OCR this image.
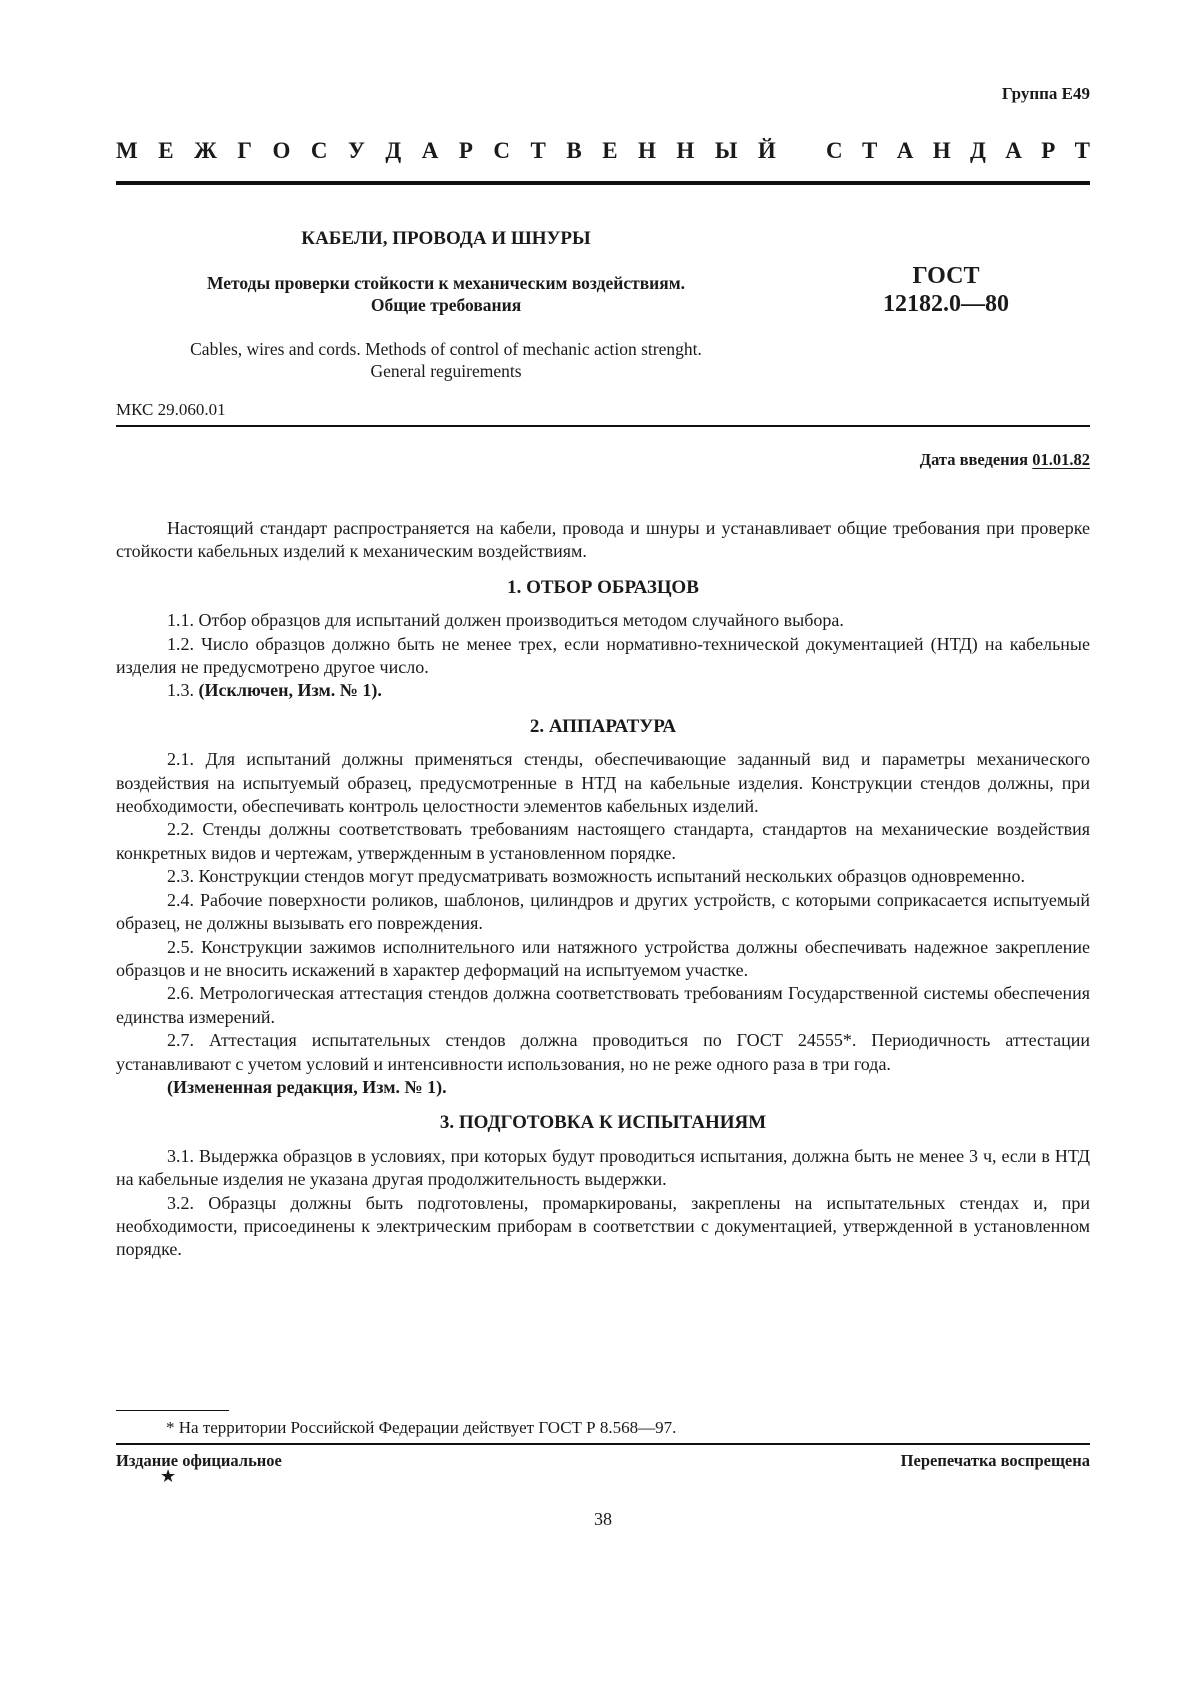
Группа Е49
М Е Ж Г О С У Д А Р С Т В Е Н Н Ы Й С Т А Н Д А Р Т
КАБЕЛИ, ПРОВОДА И ШНУРЫ
Методы проверки стойкости к механическим воздействиям.
Общие требования
ГОСТ
12182.0—80
Cables, wires and cords. Methods of control of mechanic action strenght.
General reguirements
МКС 29.060.01
Дата введения 01.01.82

Настоящий стандарт распространяется на кабели, провода и шнуры и устанавливает общие требования при проверке стойкости кабельных изделий к механическим воздействиям.

1. ОТБОР ОБРАЗЦОВ

1.1. Отбор образцов для испытаний должен производиться методом случайного выбора.

1.2. Число образцов должно быть не менее трех, если нормативно-технической документацией (НТД) на кабельные изделия не предусмотрено другое число.

1.3. (Исключен, Изм. № 1).

2. АППАРАТУРА

2.1. Для испытаний должны применяться стенды, обеспечивающие заданный вид и параметры механического воздействия на испытуемый образец, предусмотренные в НТД на кабельные изделия. Конструкции стендов должны, при необходимости, обеспечивать контроль целостности элементов кабельных изделий.

2.2. Стенды должны соответствовать требованиям настоящего стандарта, стандартов на механические воздействия конкретных видов и чертежам, утвержденным в установленном порядке.

2.3. Конструкции стендов могут предусматривать возможность испытаний нескольких образцов одновременно.

2.4. Рабочие поверхности роликов, шаблонов, цилиндров и других устройств, с которыми соприкасается испытуемый образец, не должны вызывать его повреждения.

2.5. Конструкции зажимов исполнительного или натяжного устройства должны обеспечивать надежное закрепление образцов и не вносить искажений в характер деформаций на испытуемом участке.

2.6. Метрологическая аттестация стендов должна соответствовать требованиям Государственной системы обеспечения единства измерений.

2.7. Аттестация испытательных стендов должна проводиться по ГОСТ 24555*. Периодичность аттестации устанавливают с учетом условий и интенсивности использования, но не реже одного раза в три года.

(Измененная редакция, Изм. № 1).

3. ПОДГОТОВКА К ИСПЫТАНИЯМ

3.1. Выдержка образцов в условиях, при которых будут проводиться испытания, должна быть не менее 3 ч, если в НТД на кабельные изделия не указана другая продолжительность выдержки.

3.2. Образцы должны быть подготовлены, промаркированы, закреплены на испытательных стендах и, при необходимости, присоединены к электрическим приборам в соответствии с документацией, утвержденной в установленном порядке.

* На территории Российской Федерации действует ГОСТ Р 8.568—97.
Издание официальное
★
Перепечатка воспрещена
38
